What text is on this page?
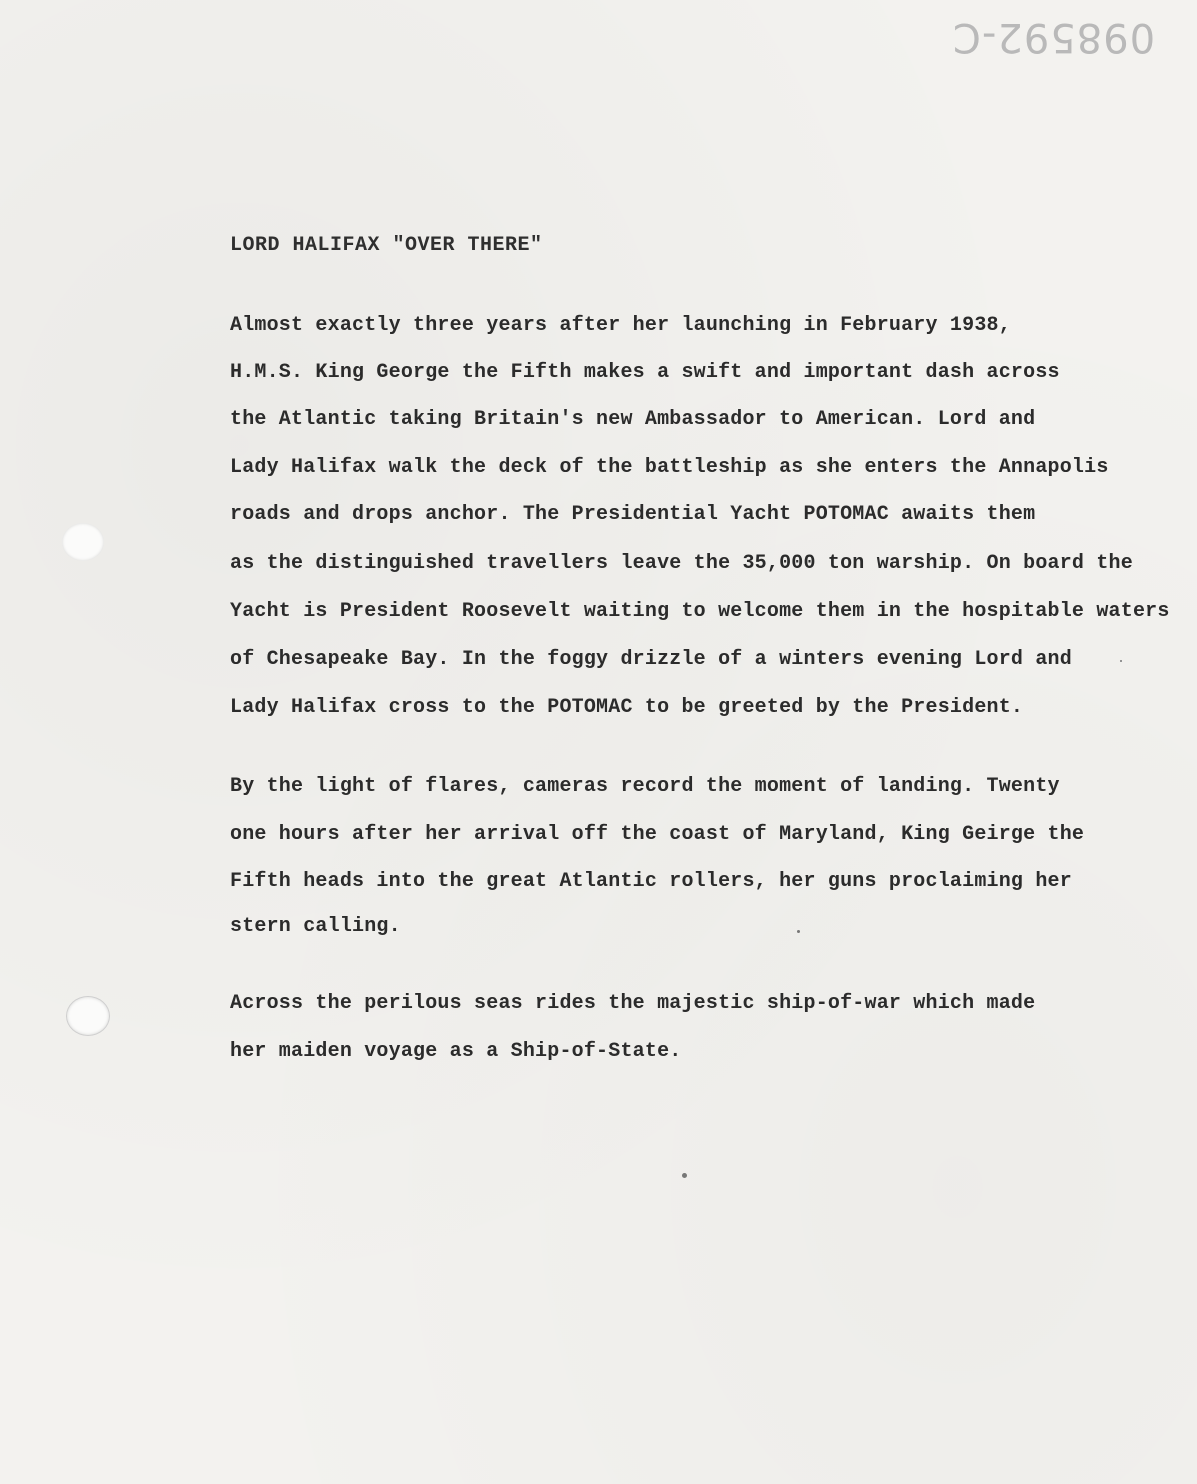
098592-C
LORD HALIFAX "OVER THERE"
Almost exactly three years after her launching in February 1938,
H.M.S. King George the Fifth makes a swift and important dash across
the Atlantic taking Britain's new Ambassador to American. Lord and
Lady Halifax walk the deck of the battleship as she enters the Annapolis
roads and drops anchor. The Presidential Yacht POTOMAC awaits them
as the distinguished travellers leave the 35,000 ton warship. On board the
Yacht is President Roosevelt waiting to welcome them in the hospitable waters
of Chesapeake Bay. In the foggy drizzle of a winters evening Lord and
Lady Halifax cross to the POTOMAC to be greeted by the President.
By the light of flares, cameras record the moment of landing. Twenty
one hours after her arrival off the coast of Maryland, King Geirge the
Fifth heads into the great Atlantic rollers, her guns proclaiming her
stern calling.
Across the perilous seas rides the majestic ship-of-war which made
her maiden voyage as a Ship-of-State.
